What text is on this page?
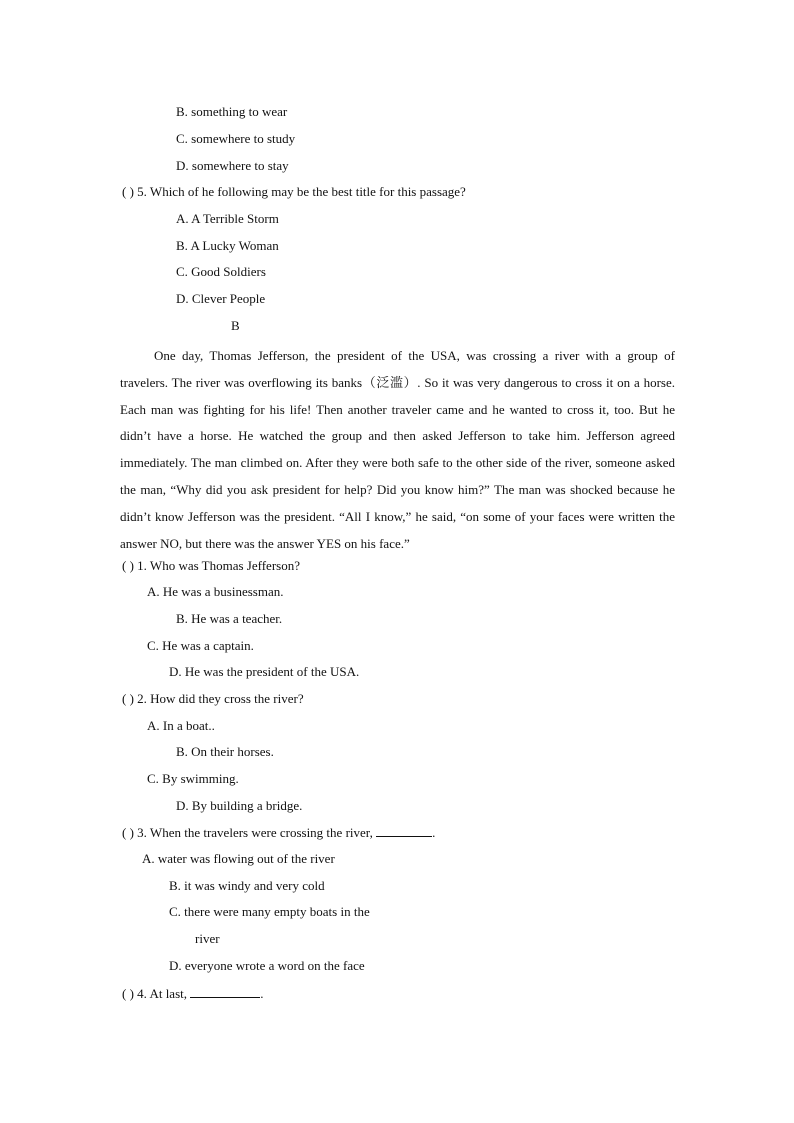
B. something to wear
C. somewhere to study
D. somewhere to stay
( ) 5. Which of he following may be the best title for this passage?
A. A Terrible Storm
B. A Lucky Woman
C. Good Soldiers
D. Clever People
B
One day, Thomas Jefferson, the president of the USA, was crossing a river with a group of travelers. The river was overflowing its banks（泛滥）. So it was very dangerous to cross it on a horse. Each man was fighting for his life! Then another traveler came and he wanted to cross it, too. But he didn’t have a horse. He watched the group and then asked Jefferson to take him. Jefferson agreed immediately. The man climbed on. After they were both safe to the other side of the river, someone asked the man, “Why did you ask president for help? Did you know him?” The man was shocked because he didn’t know Jefferson was the president. “All I know,” he said, “on some of your faces were written the answer NO, but there was the answer YES on his face.”
( ) 1. Who was Thomas Jefferson?
A. He was a businessman.
B. He was a teacher.
C. He was a captain.
D. He was the president of the USA.
( ) 2. How did they cross the river?
A. In a boat..
B. On their horses.
C. By swimming.
D. By building a bridge.
( ) 3. When the travelers were crossing the river,	.
A. water was flowing out of the river
B. it was windy and very cold
C. there were many empty boats in the
river
D. everyone wrote a word on the face
( ) 4. At last,	.
